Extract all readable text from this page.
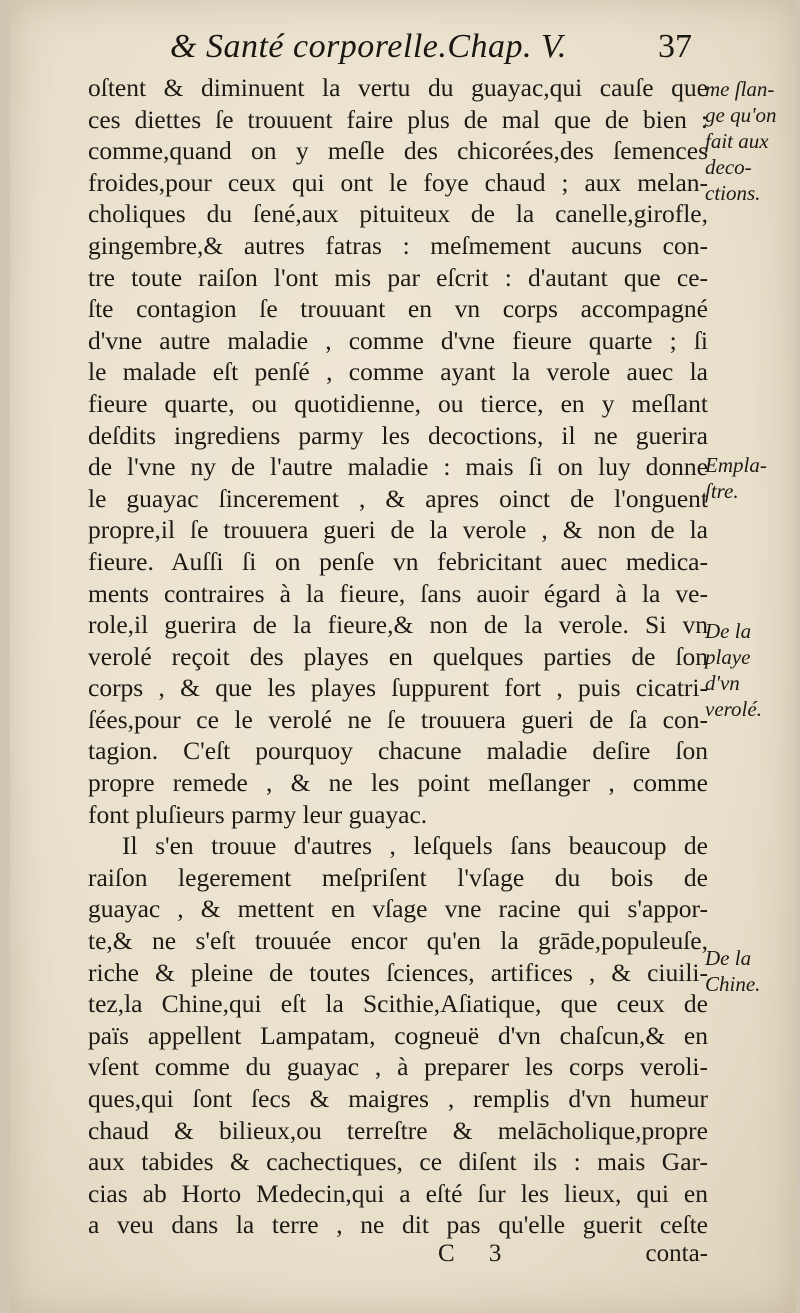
& Santé corporelle.Chap. V.	37
oſtent & diminuent la vertu du guayac,qui cauſe que
ces diettes ſe trouuent faire plus de mal que de bien :
comme,quand on y meſle des chicorées,des ſemences
froides,pour ceux qui ont le foye chaud ; aux melan-
choliques du ſené,aux pituiteux de la canelle,girofle,
gingembre,& autres fatras : meſmement aucuns con-
tre toute raiſon l'ont mis par eſcrit : d'autant que ce-
ſte contagion ſe trouuant en vn corps accompagné
d'vne autre maladie , comme d'vne fieure quarte ; ſi
le malade eſt penſé , comme ayant la verole auec la
fieure quarte, ou quotidienne, ou tierce, en y meſlant
deſdits ingrediens parmy les decoctions, il ne guerira
de l'vne ny de l'autre maladie : mais ſi on luy donne
le guayac ſincerement , & apres oinct de l'onguent
propre,il ſe trouuera gueri de la verole , & non de la
fieure. Auſſi ſi on penſe vn febricitant auec medica-
ments contraires à la fieure, ſans auoir égard à la ve-
role,il guerira de la fieure,& non de la verole. Si vn
verolé reçoit des playes en quelques parties de ſon
corps , & que les playes ſuppurent fort , puis cicatri-
ſées,pour ce le verolé ne ſe trouuera gueri de ſa con-
tagion. C'eſt pourquoy chacune maladie deſire ſon
propre remede , & ne les point meſlanger , comme
font pluſieurs parmy leur guayac.
Il s'en trouue d'autres , leſquels ſans beaucoup de
raiſon legerement meſpriſent l'vſage du bois de
guayac , & mettent en vſage vne racine qui s'appor-
te,& ne s'eſt trouuée encor qu'en la grāde,populeuſe,
riche & pleine de toutes ſciences, artifices , & ciuili-
tez,la Chine,qui eſt la Scithie,Aſiatique, que ceux de
païs appellent Lampatam, cogneuë d'vn chaſcun,& en
vſent comme du guayac , à preparer les corps veroli-
ques,qui ſont ſecs & maigres , remplis d'vn humeur
chaud & bilieux,ou terreſtre & melācholique,propre
aux tabides & cachectiques, ce diſent ils : mais Gar-
cias ab Horto Medecin,qui a eſté ſur les lieux, qui en
a veu dans la terre , ne dit pas qu'elle guerit ceſte
me ſlan-
ge qu'on
fait aux
deco-
ctions.
Empla-
ſtre.
De la
playe
d'vn
verolé.
De la
Chine.
C 3	conta-
